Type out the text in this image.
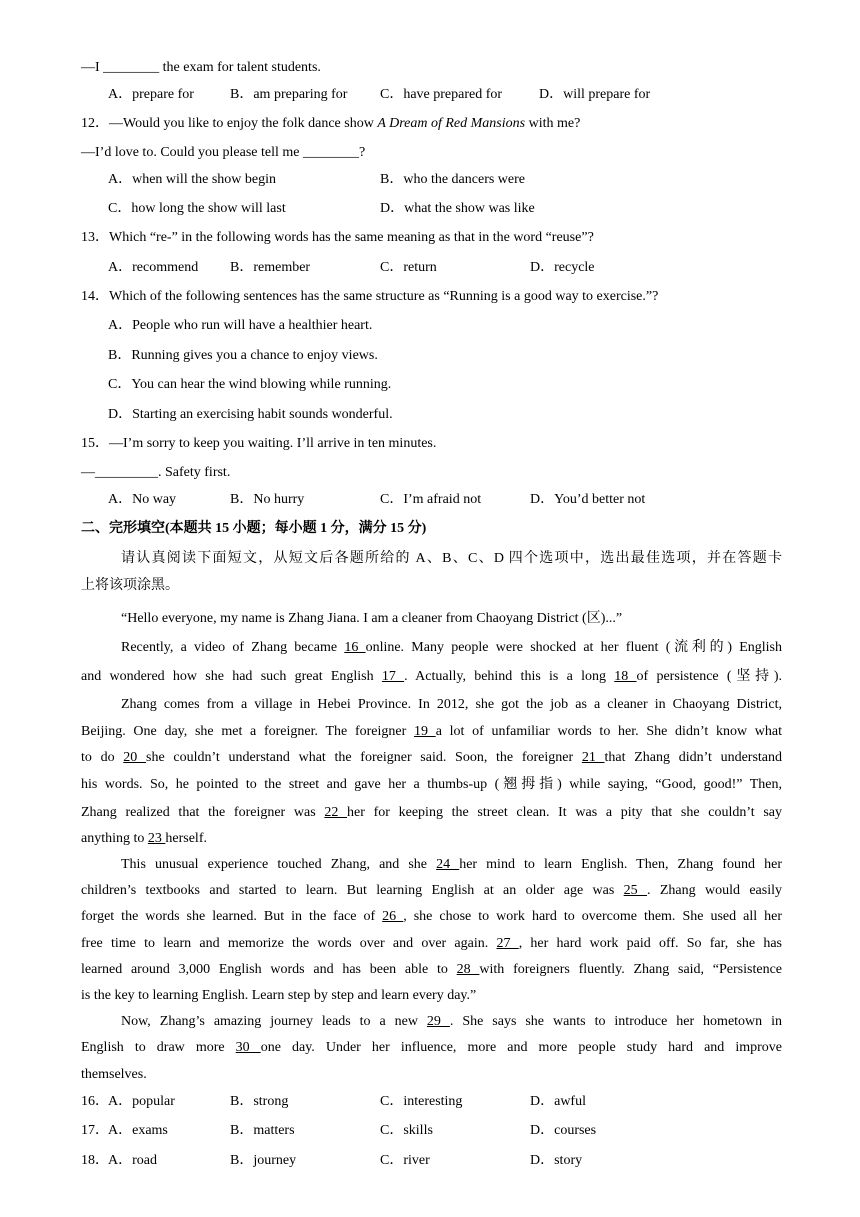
—I ________ the exam for talent students.
A．prepare for	B．am preparing for C．have prepared for	D．will prepare for
12．—Would you like to enjoy the folk dance show A Dream of Red Mansions with me?
—I’d love to. Could you please tell me ________?
A．when will the show begin	B．who the dancers were
C．how long the show will last	D．what the show was like
13．Which “re-” in the following words has the same meaning as that in the word “reuse”?
A．recommend B．remember	C．return	D．recycle
14．Which of the following sentences has the same structure as “Running is a good way to exercise.”?
A．People who run will have a healthier heart.
B．Running gives you a chance to enjoy views.
C．You can hear the wind blowing while running.
D．Starting an exercising habit sounds wonderful.
15．—I’m sorry to keep you waiting. I’ll arrive in ten minutes.
—_________. Safety first.
A．No way	B．No hurry	C．I’m afraid not	D．You’d better not
二、完形填空(本题共 15 小题；每小题 1 分，满分 15 分)
请认真阅读下面短文，从短文后各题所给的 A、B、C、D 四个选项中，选出最佳选项，并在答题卡
上将该项涂黑。
“Hello everyone, my name is Zhang Jiana. I am a cleaner from Chaoyang District (区)...”
Recently, a video of Zhang became 16 online. Many people were shocked at her fluent (流利的) English
and wondered how she had such great English 17 . Actually, behind this is a long 18 of persistence (坚持).
Zhang comes from a village in Hebei Province. In 2012, she got the job as a cleaner in Chaoyang District,
Beijing. One day, she met a foreigner. The foreigner 19 a lot of unfamiliar words to her. She didn’t know what
to do 20 she couldn’t understand what the foreigner said. Soon, the foreigner 21 that Zhang didn’t understand
his words. So, he pointed to the street and gave her a thumbs-up (翘拇指) while saying, “Good, good!” Then,
Zhang realized that the foreigner was 22 her for keeping the street clean. It was a pity that she couldn’t say
anything to 23 herself.
This unusual experience touched Zhang, and she 24 her mind to learn English. Then, Zhang found her
children’s textbooks and started to learn. But learning English at an older age was 25 . Zhang would easily
forget the words she learned. But in the face of 26 , she chose to work hard to overcome them. She used all her
free time to learn and memorize the words over and over again. 27 , her hard work paid off. So far, she has
learned around 3,000 English words and has been able to 28 with foreigners fluently. Zhang said, “Persistence
is the key to learning English. Learn step by step and learn every day.”
Now, Zhang’s amazing journey leads to a new 29 . She says she wants to introduce her hometown in
English to draw more 30 one day. Under her influence, more and more people study hard and improve
themselves.
16． A．popular	B．strong	C．interesting	D．awful
17． A．exams	B．matters	C．skills	D．courses
18． A．road	B．journey	C．river	D．story
